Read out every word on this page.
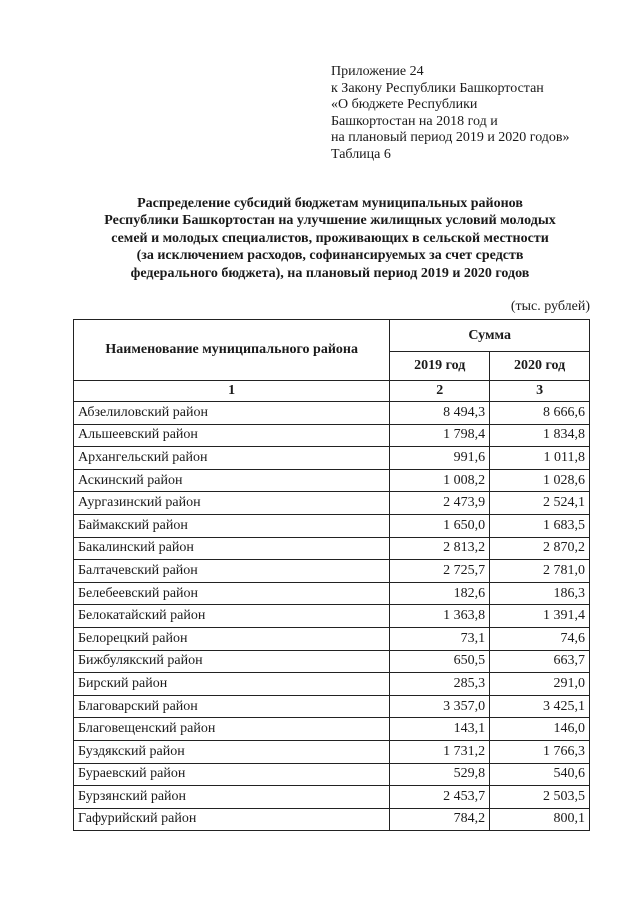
Приложение 24
к Закону Республики Башкортостан
«О бюджете Республики
Башкортостан на 2018 год и
на плановый период 2019 и 2020 годов»
Таблица 6
Распределение субсидий бюджетам муниципальных районов
Республики Башкортостан на улучшение жилищных условий молодых
семей и молодых специалистов, проживающих в сельской местности
(за исключением расходов, софинансируемых за счет средств
федерального бюджета), на плановый период 2019 и 2020 годов
(тыс. рублей)
Наименование муниципального района	Сумма	
	2019 год	2020 год
1	2	3
Абзелиловский район	8 494,3	8 666,6
Альшеевский район	1 798,4	1 834,8
Архангельский район	991,6	1 011,8
Аскинский район	1 008,2	1 028,6
Аургазинский район	2 473,9	2 524,1
Баймакский район	1 650,0	1 683,5
Бакалинский район	2 813,2	2 870,2
Балтачевский район	2 725,7	2 781,0
Белебеевский район	182,6	186,3
Белокатайский район	1 363,8	1 391,4
Белорецкий район	73,1	74,6
Бижбулякский район	650,5	663,7
Бирский район	285,3	291,0
Благоварский район	3 357,0	3 425,1
Благовещенский район	143,1	146,0
Буздякский район	1 731,2	1 766,3
Бураевский район	529,8	540,6
Бурзянский район	2 453,7	2 503,5
Гафурийский район	784,2	800,1
